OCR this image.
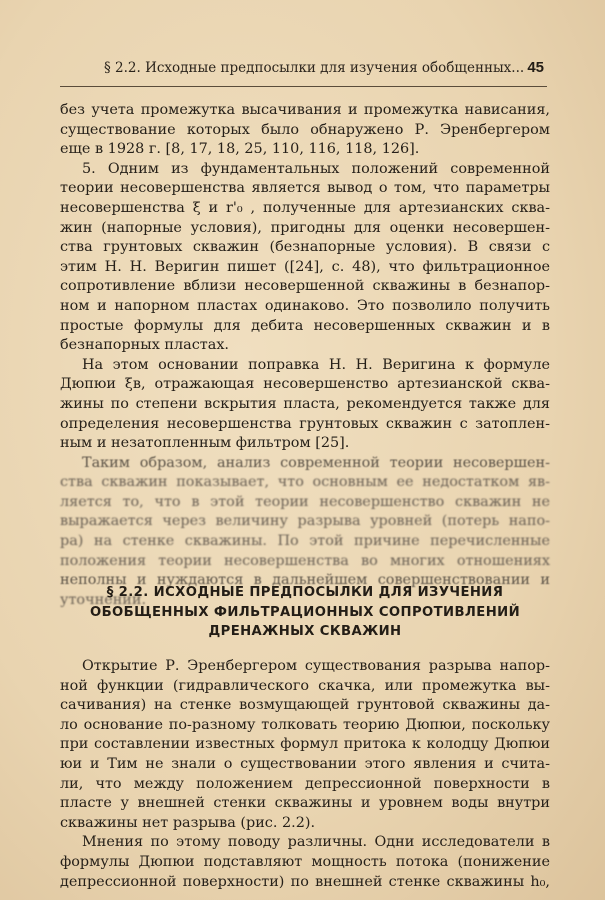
§ 2.2. Исходные предпосылки для изучения обобщенных... 45
без учета промежутка высачивания и промежутка нависания,
существование которых было обнаружено Р. Эренбергером
еще в 1928 г. [8, 17, 18, 25, 110, 116, 118, 126].
5. Одним из фундаментальных положений современной
теории несовершенства является вывод о том, что параметры
несовершенства ξ и r'₀ , полученные для артезианских сква-
жин (напорные условия), пригодны для оценки несовершен-
ства грунтовых скважин (безнапорные условия). В связи с
этим Н. Н. Веригин пишет ([24], с. 48), что фильтрационное
сопротивление вблизи несовершенной скважины в безнапор-
ном и напорном пластах одинаково. Это позволило получить
простые формулы для дебита несовершенных скважин и в
безнапорных пластах.
На этом основании поправка Н. Н. Веригина к формуле
Дюпюи ξв, отражающая несовершенство артезианской сква-
жины по степени вскрытия пласта, рекомендуется также для
определения несовершенства грунтовых скважин с затоплен-
ным и незатопленным фильтром [25].
Таким образом, анализ современной теории несовершен-
ства скважин показывает, что основным ее недостатком яв-
ляется то, что в этой теории несовершенство скважин не
выражается через величину разрыва уровней (потерь напо-
ра) на стенке скважины. По этой причине перечисленные
положения теории несовершенства во многих отношениях
неполны и нуждаются в дальнейшем совершенствовании и
уточнении.
§ 2.2. ИСХОДНЫЕ ПРЕДПОСЫЛКИ ДЛЯ ИЗУЧЕНИЯ
ОБОБЩЕННЫХ ФИЛЬТРАЦИОННЫХ СОПРОТИВЛЕНИЙ
ДРЕНАЖНЫХ СКВАЖИН
Открытие Р. Эренбергером существования разрыва напор-
ной функции (гидравлического скачка, или промежутка вы-
сачивания) на стенке возмущающей грунтовой скважины да-
ло основание по-разному толковать теорию Дюпюи, поскольку
при составлении известных формул притока к колодцу Дюпюи
юи и Тим не знали о существовании этого явления и счита-
ли, что между положением депрессионной поверхности в
пласте у внешней стенки скважины и уровнем воды внутри
скважины нет разрыва (рис. 2.2).
Мнения по этому поводу различны. Одни исследователи в
формулы Дюпюи подставляют мощность потока (понижение
депрессионной поверхности) по внешней стенке скважины h₀,
